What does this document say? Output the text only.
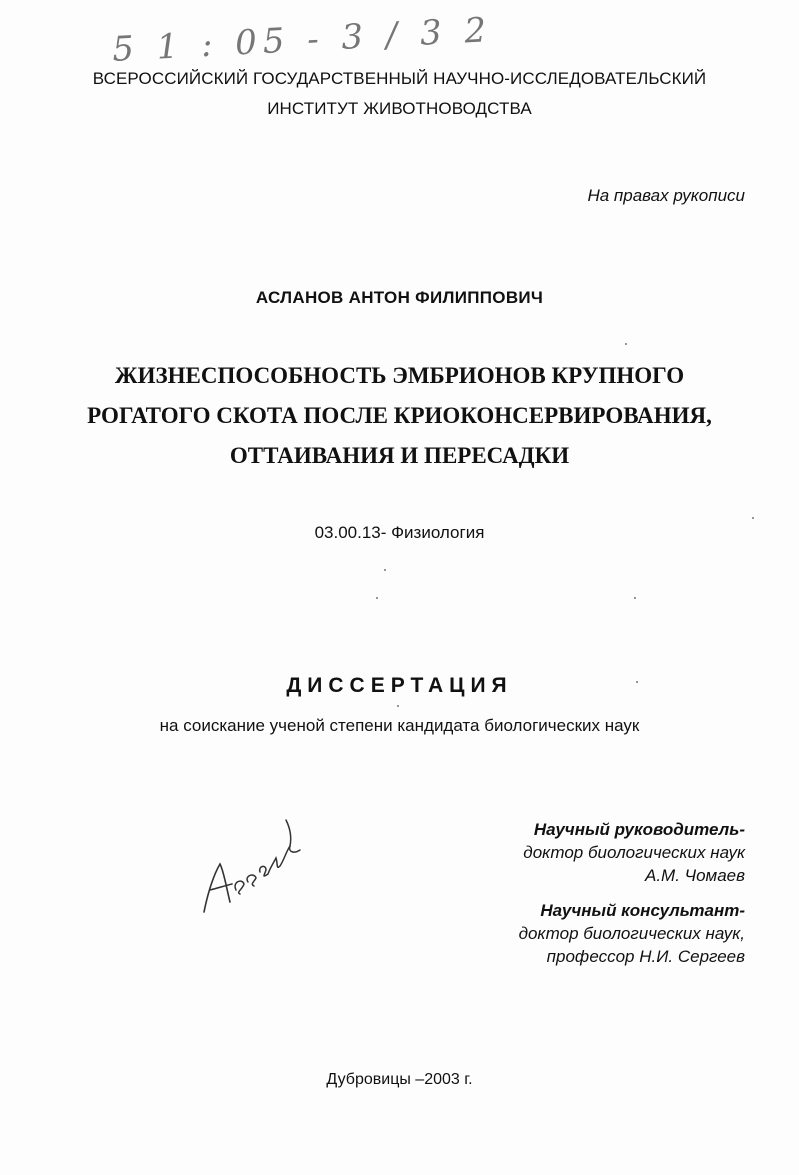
5 1 : 05 - 3 / 3 2
ВСЕРОССИЙСКИЙ ГОСУДАРСТВЕННЫЙ НАУЧНО-ИССЛЕДОВАТЕЛЬСКИЙ
ИНСТИТУТ ЖИВОТНОВОДСТВА
На правах рукописи
АСЛАНОВ АНТОН ФИЛИППОВИЧ
ЖИЗНЕСПОСОБНОСТЬ ЭМБРИОНОВ КРУПНОГО
РОГАТОГО СКОТА ПОСЛЕ КРИОКОНСЕРВИРОВАНИЯ,
ОТТАИВАНИЯ И ПЕРЕСАДКИ
03.00.13- Физиология
ДИССЕРТАЦИЯ
на соискание ученой степени кандидата биологических наук
Научный руководитель-
доктор биологических наук
А.М. Чомаев
Научный консультант-
доктор биологических наук,
профессор Н.И. Сергеев
Дубровицы –2003 г.
